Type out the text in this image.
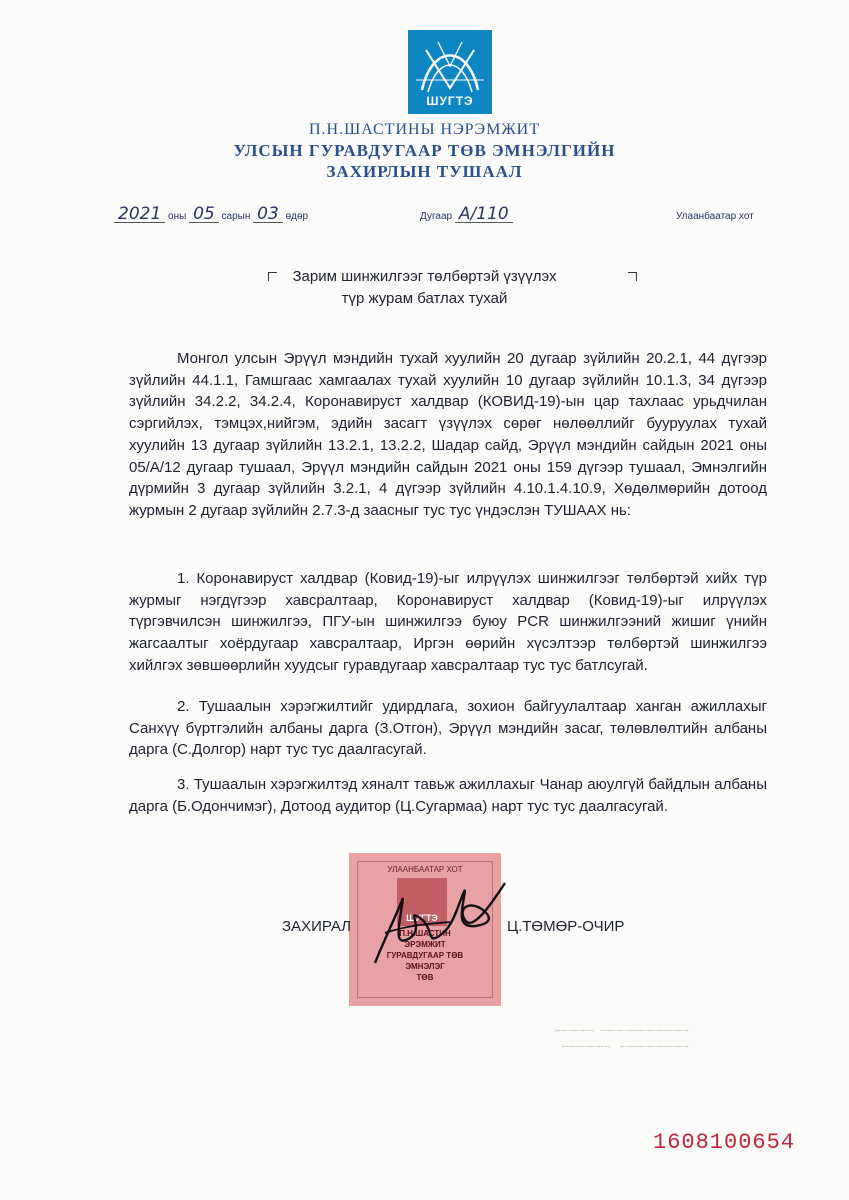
ШУГТЭ
П.Н.ШАСТИНЫ НЭРЭМЖИТ
УЛСЫН ГУРАВДУГААР ТӨВ ЭМНЭЛГИЙН
ЗАХИРЛЫН ТУШААЛ
2021 оны 05 сарын 03 өдөр	Дугаар А/110	Улаанбаатар хот
Зарим шинжилгээг төлбөртэй үзүүлэх
түр журам батлах тухай
Монгол улсын Эрүүл мэндийн тухай хуулийн 20 дугаар зүйлийн 20.2.1, 44 дүгээр зүйлийн 44.1.1, Гамшгаас хамгаалах тухай хуулийн 10 дугаар зүйлийн 10.1.3, 34 дүгээр зүйлийн 34.2.2, 34.2.4, Коронавируст халдвар (КОВИД-19)-ын цар тахлаас урьдчилан сэргийлэх, тэмцэх,нийгэм, эдийн засагт үзүүлэх сөрөг нөлөөллийг бууруулах тухай хуулийн 13 дугаар зүйлийн 13.2.1, 13.2.2, Шадар сайд, Эрүүл мэндийн сайдын 2021 оны 05/А/12 дугаар тушаал, Эрүүл мэндийн сайдын 2021 оны 159 дүгээр тушаал, Эмнэлгийн дүрмийн 3 дугаар зүйлийн 3.2.1, 4 дүгээр зүйлийн 4.10.1.4.10.9, Хөдөлмөрийн дотоод журмын 2 дугаар зүйлийн 2.7.3-д заасныг тус тус үндэслэн ТУШААХ нь:
1. Коронавируст халдвар (Ковид-19)-ыг илрүүлэх шинжилгээг төлбөртэй хийх түр журмыг нэгдүгээр хавсралтаар, Коронавируст халдвар (Ковид-19)-ыг илрүүлэх түргэвчилсэн шинжилгээ, ПГУ-ын шинжилгээ буюу PCR шинжилгээний жишиг үнийн жагсаалтыг хоёрдугаар хавсралтаар, Иргэн өөрийн хүсэлтээр төлбөртэй шинжилгээ хийлгэх зөвшөөрлийн хуудсыг гуравдугаар хавсралтаар тус тус батлсугай.
2. Тушаалын хэрэгжилтийг удирдлага, зохион байгуулалтаар ханган ажиллахыг Санхүү бүртгэлийн албаны дарга (З.Отгон), Эрүүл мэндийн засаг, төлөвлөлтийн албаны дарга (С.Долгор) нарт тус тус даалгасугай.
3. Тушаалын хэрэгжилтэд хяналт тавьж ажиллахыг Чанар аюулгүй байдлын албаны дарга (Б.Одончимэг), Дотоод аудитор (Ц.Сугармаа) нарт тус тус даалгасугай.
ꟷꟷꟷꟷꟷꟷꟷꟷꟷ  ꟷꟷꟷꟷ
ꟷꟷꟷꟷꟷꟷꟷ   ꟷꟷꟷꟷꟷ
УЛААНБААТАР ХОТ
ШУГТЭ
П.Н.ШАСТИН
ЭРЭМЖИТ
ГУРАВДУГААР ТӨВ
ЭМНЭЛЭГ
ТӨВ
ЗАХИРАЛ	Ц.ТӨМӨР-ОЧИР
1608100654
